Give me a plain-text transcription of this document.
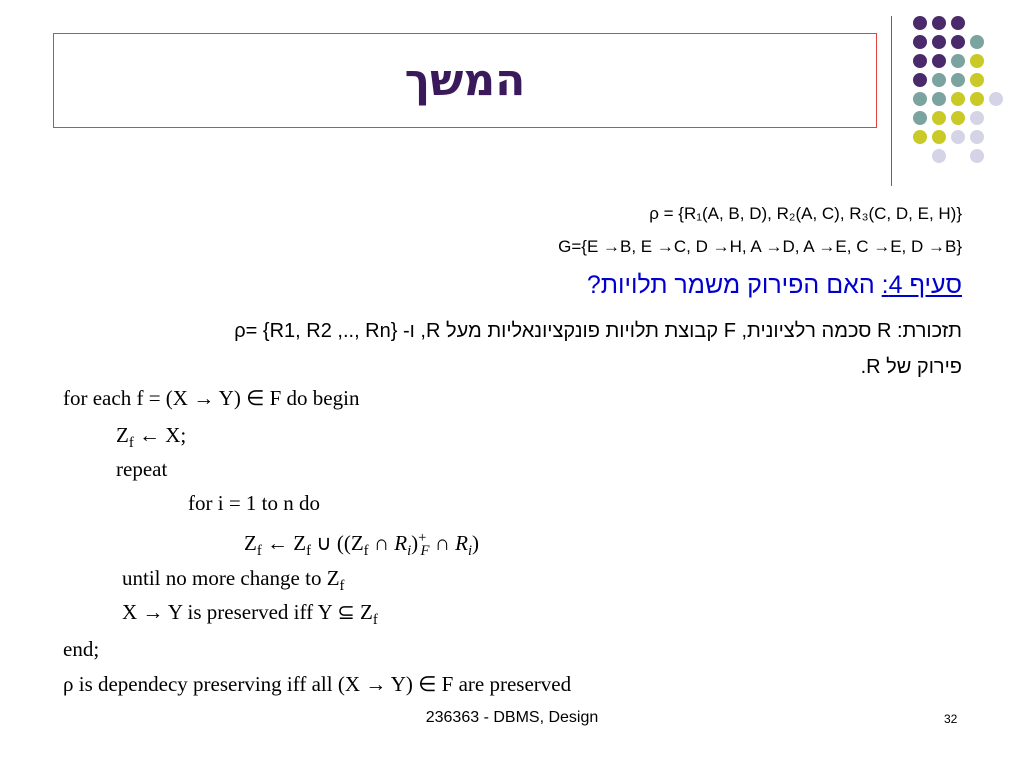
המשך
ρ = {R₁(A, B, D), R₂(A, C), R₃(C, D, E, H)}
G={E →B, E →C, D →H, A →D, A →E, C →E, D →B}
סעיף 4: האם הפירוק משמר תלויות?
תזכורת: R סכמה רלציונית, F קבוצת תלויות פונקציונאליות מעל R, ו- {ρ= {R1, R2 ,.., Rn
פירוק של R.
for each f = (X → Y) ∈ F do begin
$Z_f$ ← X;
repeat
for i = 1 to n do
$Z_f$ ← $Z_f$ ∪ (($Z_f$ ∩ $R_i)^+_F$ ∩ $R_i$)
until no more change to $Z_f$
X → Y is preserved iff Y ⊆ $Z_f$
end;
ρ is dependecy preserving iff all (X → Y) ∈ F are preserved
236363 - DBMS, Design	32
